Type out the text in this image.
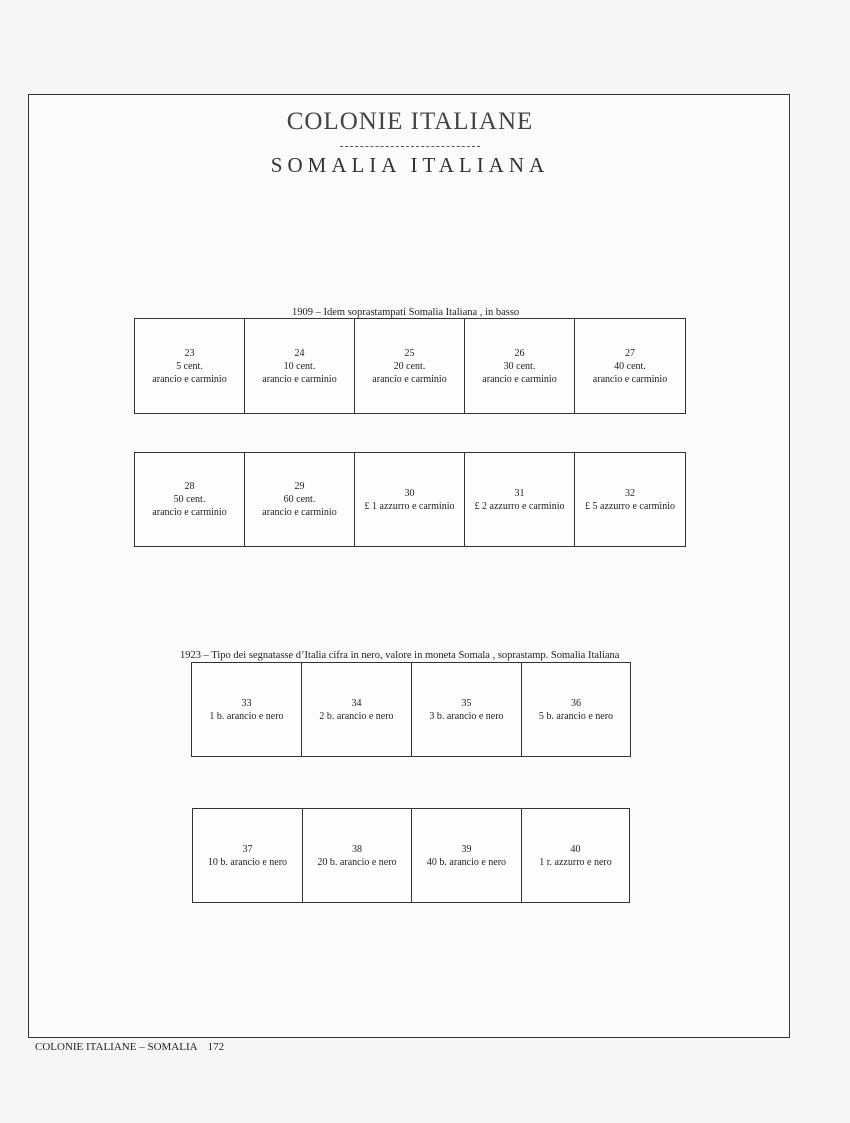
COLONIE ITALIANE
SOMALIA ITALIANA
1909 – Idem soprastampati Somalia Italiana , in basso
23
5 cent.
arancio e carminio
24
10 cent.
arancio e carminio
25
20 cent.
arancio e carminio
26
30 cent.
arancio e carminio
27
40 cent.
arancio e carminio
28
50 cent.
arancio e carminio
29
60 cent.
arancio e carminio
30
£ 1 azzurro e carminio
31
£ 2 azzurro e carminio
32
£ 5 azzurro e carminio
1923 – Tipo dei segnatasse d’Italia cifra in nero, valore in moneta Somala , soprastamp. Somalia Italiana
33
1 b. arancio e nero
34
2 b. arancio e nero
35
3 b. arancio e nero
36
5 b. arancio e nero
37
10 b. arancio e nero
38
20 b. arancio e nero
39
40 b. arancio e nero
40
1 r. azzurro e nero
COLONIE ITALIANE – SOMALIA 172
